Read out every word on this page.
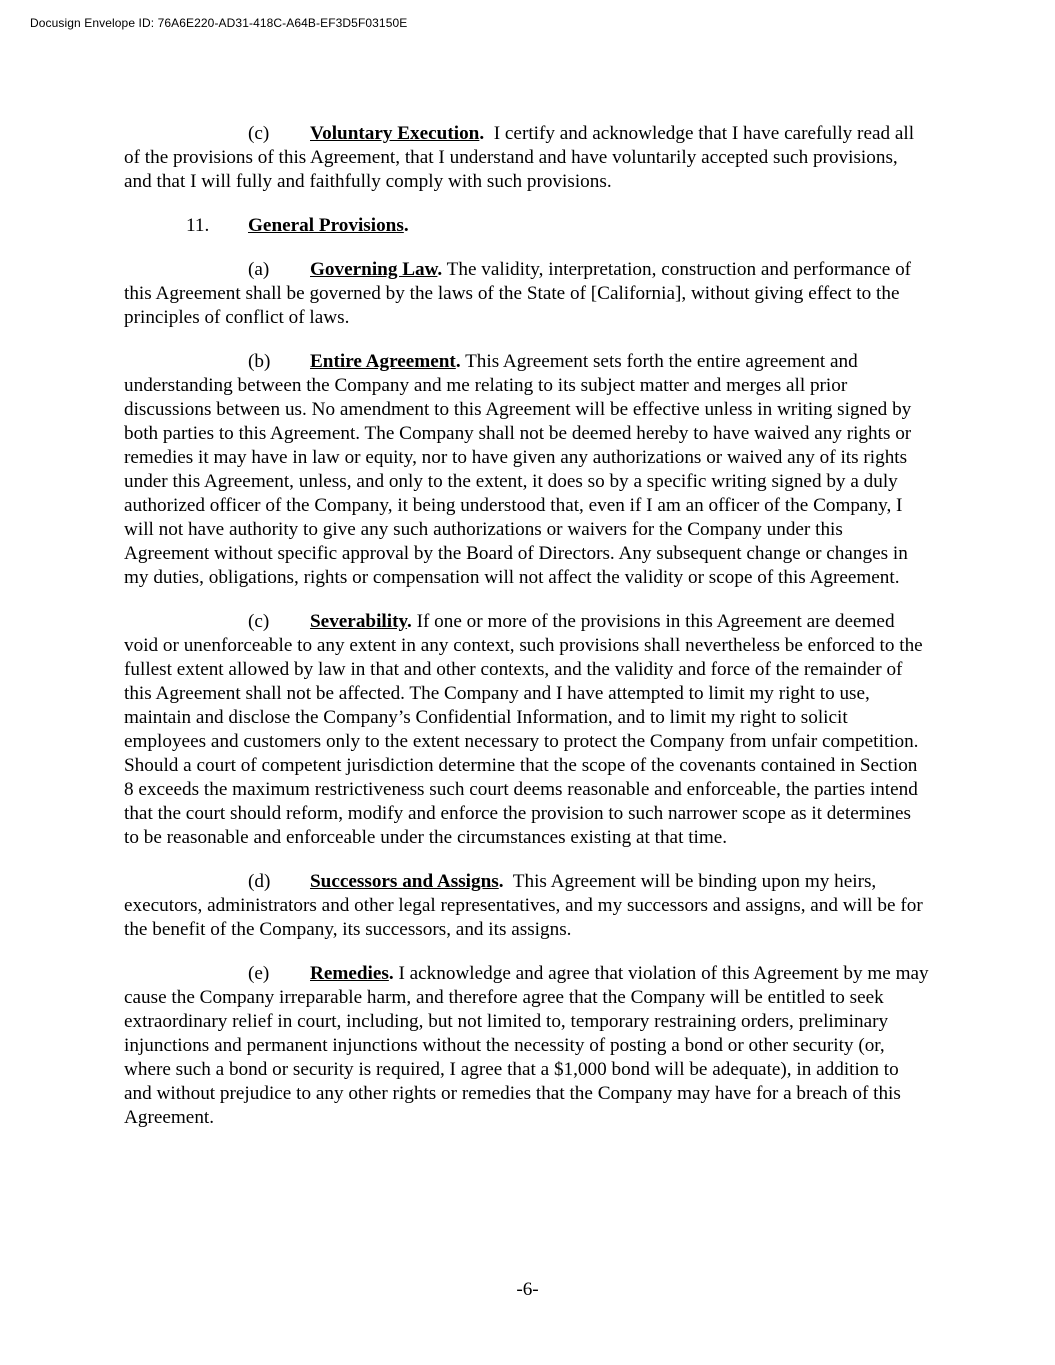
Docusign Envelope ID: 76A6E220-AD31-418C-A64B-EF3D5F03150E

(c) Voluntary Execution. I certify and acknowledge that I have carefully read all of the provisions of this Agreement, that I understand and have voluntarily accepted such provisions, and that I will fully and faithfully comply with such provisions.

11. General Provisions.

(a) Governing Law. The validity, interpretation, construction and performance of this Agreement shall be governed by the laws of the State of [California], without giving effect to the principles of conflict of laws.

(b) Entire Agreement. This Agreement sets forth the entire agreement and understanding between the Company and me relating to its subject matter and merges all prior discussions between us. No amendment to this Agreement will be effective unless in writing signed by both parties to this Agreement. The Company shall not be deemed hereby to have waived any rights or remedies it may have in law or equity, nor to have given any authorizations or waived any of its rights under this Agreement, unless, and only to the extent, it does so by a specific writing signed by a duly authorized officer of the Company, it being understood that, even if I am an officer of the Company, I will not have authority to give any such authorizations or waivers for the Company under this Agreement without specific approval by the Board of Directors. Any subsequent change or changes in my duties, obligations, rights or compensation will not affect the validity or scope of this Agreement.

(c) Severability. If one or more of the provisions in this Agreement are deemed void or unenforceable to any extent in any context, such provisions shall nevertheless be enforced to the fullest extent allowed by law in that and other contexts, and the validity and force of the remainder of this Agreement shall not be affected. The Company and I have attempted to limit my right to use, maintain and disclose the Company’s Confidential Information, and to limit my right to solicit employees and customers only to the extent necessary to protect the Company from unfair competition. Should a court of competent jurisdiction determine that the scope of the covenants contained in Section 8 exceeds the maximum restrictiveness such court deems reasonable and enforceable, the parties intend that the court should reform, modify and enforce the provision to such narrower scope as it determines to be reasonable and enforceable under the circumstances existing at that time.

(d) Successors and Assigns. This Agreement will be binding upon my heirs, executors, administrators and other legal representatives, and my successors and assigns, and will be for the benefit of the Company, its successors, and its assigns.

(e) Remedies. I acknowledge and agree that violation of this Agreement by me may cause the Company irreparable harm, and therefore agree that the Company will be entitled to seek extraordinary relief in court, including, but not limited to, temporary restraining orders, preliminary injunctions and permanent injunctions without the necessity of posting a bond or other security (or, where such a bond or security is required, I agree that a $1,000 bond will be adequate), in addition to and without prejudice to any other rights or remedies that the Company may have for a breach of this Agreement.

-6-
